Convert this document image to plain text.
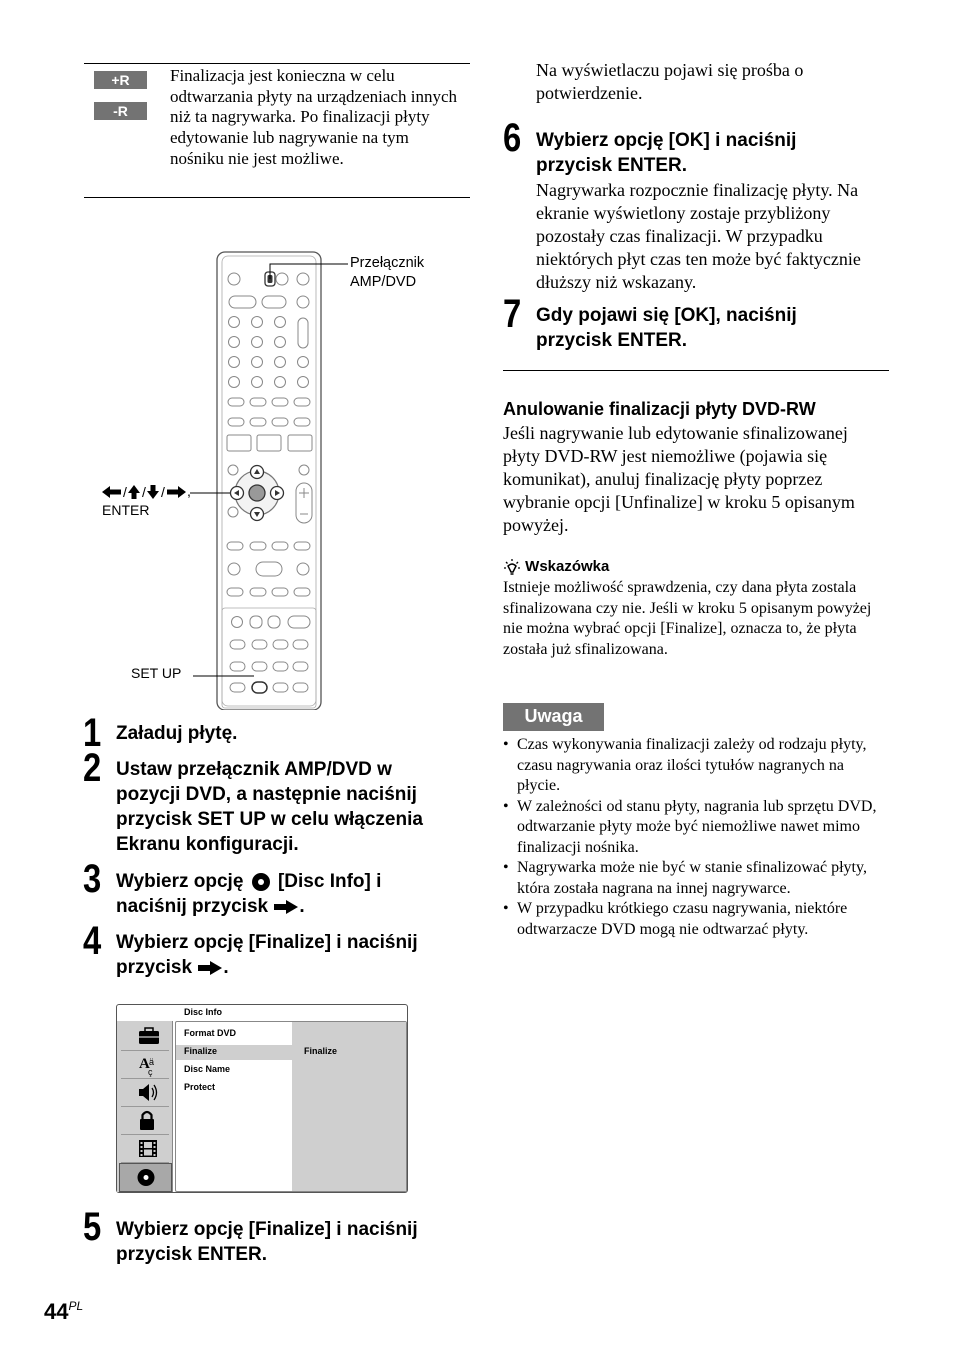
+R
-R
Finalizacja jest konieczna w celu odtwarzania płyty na urządzeniach innych niż ta nagrywarka. Po finalizacji płyty edytowanie lub nagrywanie na tym nośniku nie jest możliwe.
Przełącznik AMP/DVD
/ / / ,
ENTER
SET UP
1 Załaduj płytę.
2 Ustaw przełącznik AMP/DVD w pozycji DVD, a następnie naciśnij przycisk SET UP w celu włączenia Ekranu konfiguracji.
3 Wybierz opcję [Disc Info] i
naciśnij przycisk .
4 Wybierz opcję [Finalize] i naciśnij
przycisk .
A ä
ç
Disc Info
Format DVD
Finalize
Disc Name
Protect
Finalize
5 Wybierz opcję [Finalize] i naciśnij przycisk ENTER.
Na wyświetlaczu pojawi się prośba o potwierdzenie.
6 Wybierz opcję [OK] i naciśnij przycisk ENTER.
Nagrywarka rozpocznie finalizację płyty. Na ekranie wyświetlony zostaje przybliżony pozostały czas finalizacji. W przypadku niektórych płyt czas ten może być faktycznie dłuższy niż wskazany.
7 Gdy pojawi się [OK], naciśnij przycisk ENTER.
Anulowanie finalizacji płyty DVD-RW
Jeśli nagrywanie lub edytowanie sfinalizowanej płyty DVD-RW jest niemożliwe (pojawia się komunikat), anuluj finalizację płyty poprzez wybranie opcji [Unfinalize] w kroku 5 opisanym powyżej.
Wskazówka
Istnieje możliwość sprawdzenia, czy dana płyta zostala sfinalizowana czy nie. Jeśli w kroku 5 opisanym powyżej nie można wybrać opcji [Finalize], oznacza to, że płyta została już sfinalizowana.
Uwaga
• Czas wykonywania finalizacji zależy od rodzaju płyty, czasu nagrywania oraz ilości tytułów nagranych na płycie.
• W zależności od stanu płyty, nagrania lub sprzętu DVD, odtwarzanie płyty może być niemożliwe nawet mimo finalizacji nośnika.
• Nagrywarka może nie być w stanie sfinalizować płyty, która została nagrana na innej nagrywarce.
• W przypadku krótkiego czasu nagrywania, niektóre odtwarzacze DVD mogą nie odtwarzać płyty.
$44^{PL}$
